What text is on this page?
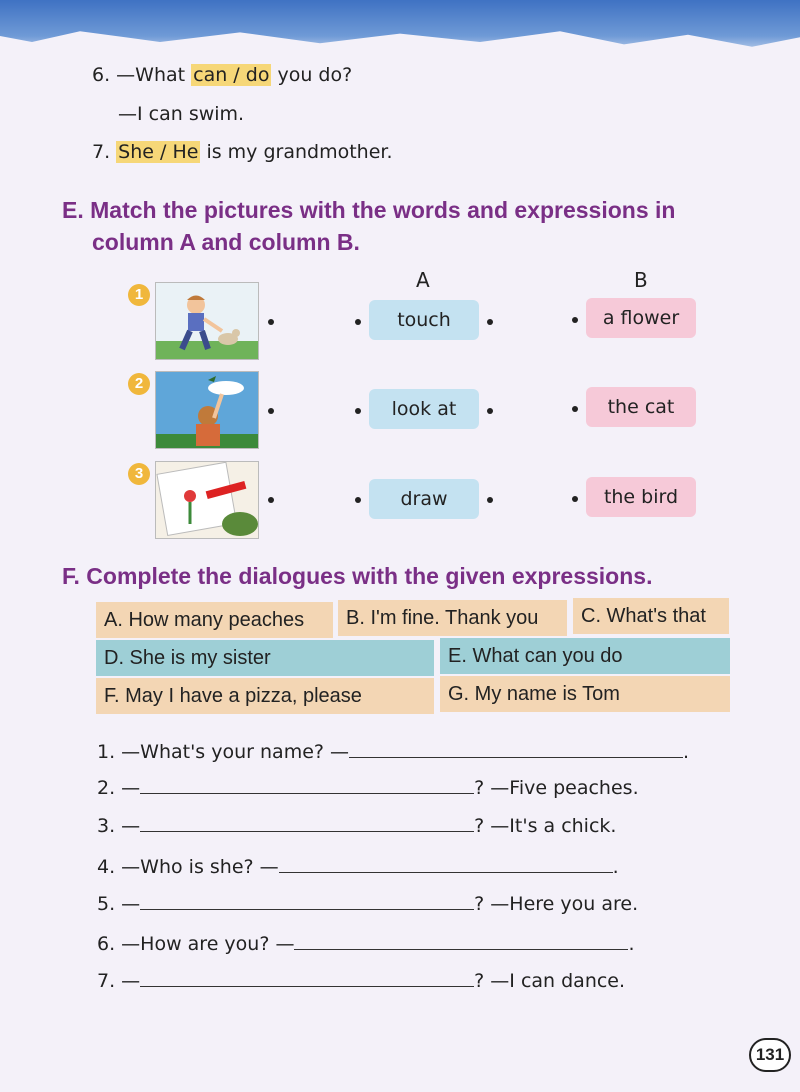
6. —What can / do you do?
—I can swim.
7. She / He is my grandmother.
E. Match the pictures with the words and expressions in
column A and column B.
A	B
1
touch	a flower
2
look at	the cat
3
draw	the bird
F. Complete the dialogues with the given expressions.
A. How many peaches	B. I'm fine. Thank you	C. What's that
D. She is my sister	E. What can you do
F. May I have a pizza, please	G. My name is Tom
1. —What's your name? —	.
2. —	? —Five peaches.
3. —	? —It's a chick.
4. —Who is she? —	.
5. —	? —Here you are.
6. —How are you? —	.
7. —	? —I can dance.
131
